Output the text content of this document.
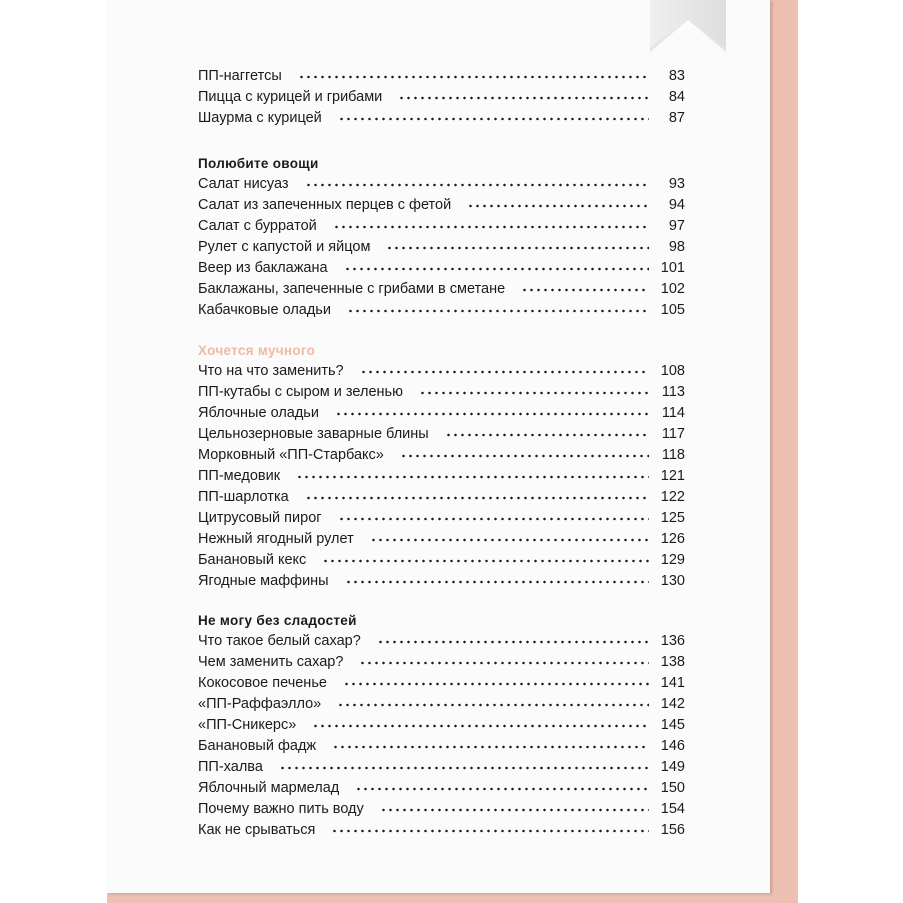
ПП-наггетсы	83
Пицца с курицей и грибами	84
Шаурма с курицей	87
Полюбите овощи
Салат нисуаз	93
Салат из запеченных перцев с фетой	94
Салат с буррaтой	97
Рулет с капустой и яйцом	98
Веер из баклажана	101
Баклажаны, запеченные с грибами в сметане	102
Кабачковые оладьи	105
Хочется мучного
Что на что заменить?	108
ПП-кутабы с сыром и зеленью	113
Яблочные оладьи	114
Цельнозерновые заварные блины	117
Морковный «ПП-Старбакс»	118
ПП-медовик	121
ПП-шарлотка	122
Цитрусовый пирог	125
Нежный ягодный рулет	126
Банановый кекс	129
Ягодные маффины	130
Не могу без сладостей
Что такое белый сахар?	136
Чем заменить сахар?	138
Кокосовое печенье	141
«ПП-Раффаэлло»	142
«ПП-Сникерс»	145
Банановый фадж	146
ПП-халва	149
Яблочный мармелад	150
Почему важно пить воду	154
Как не срываться	156
